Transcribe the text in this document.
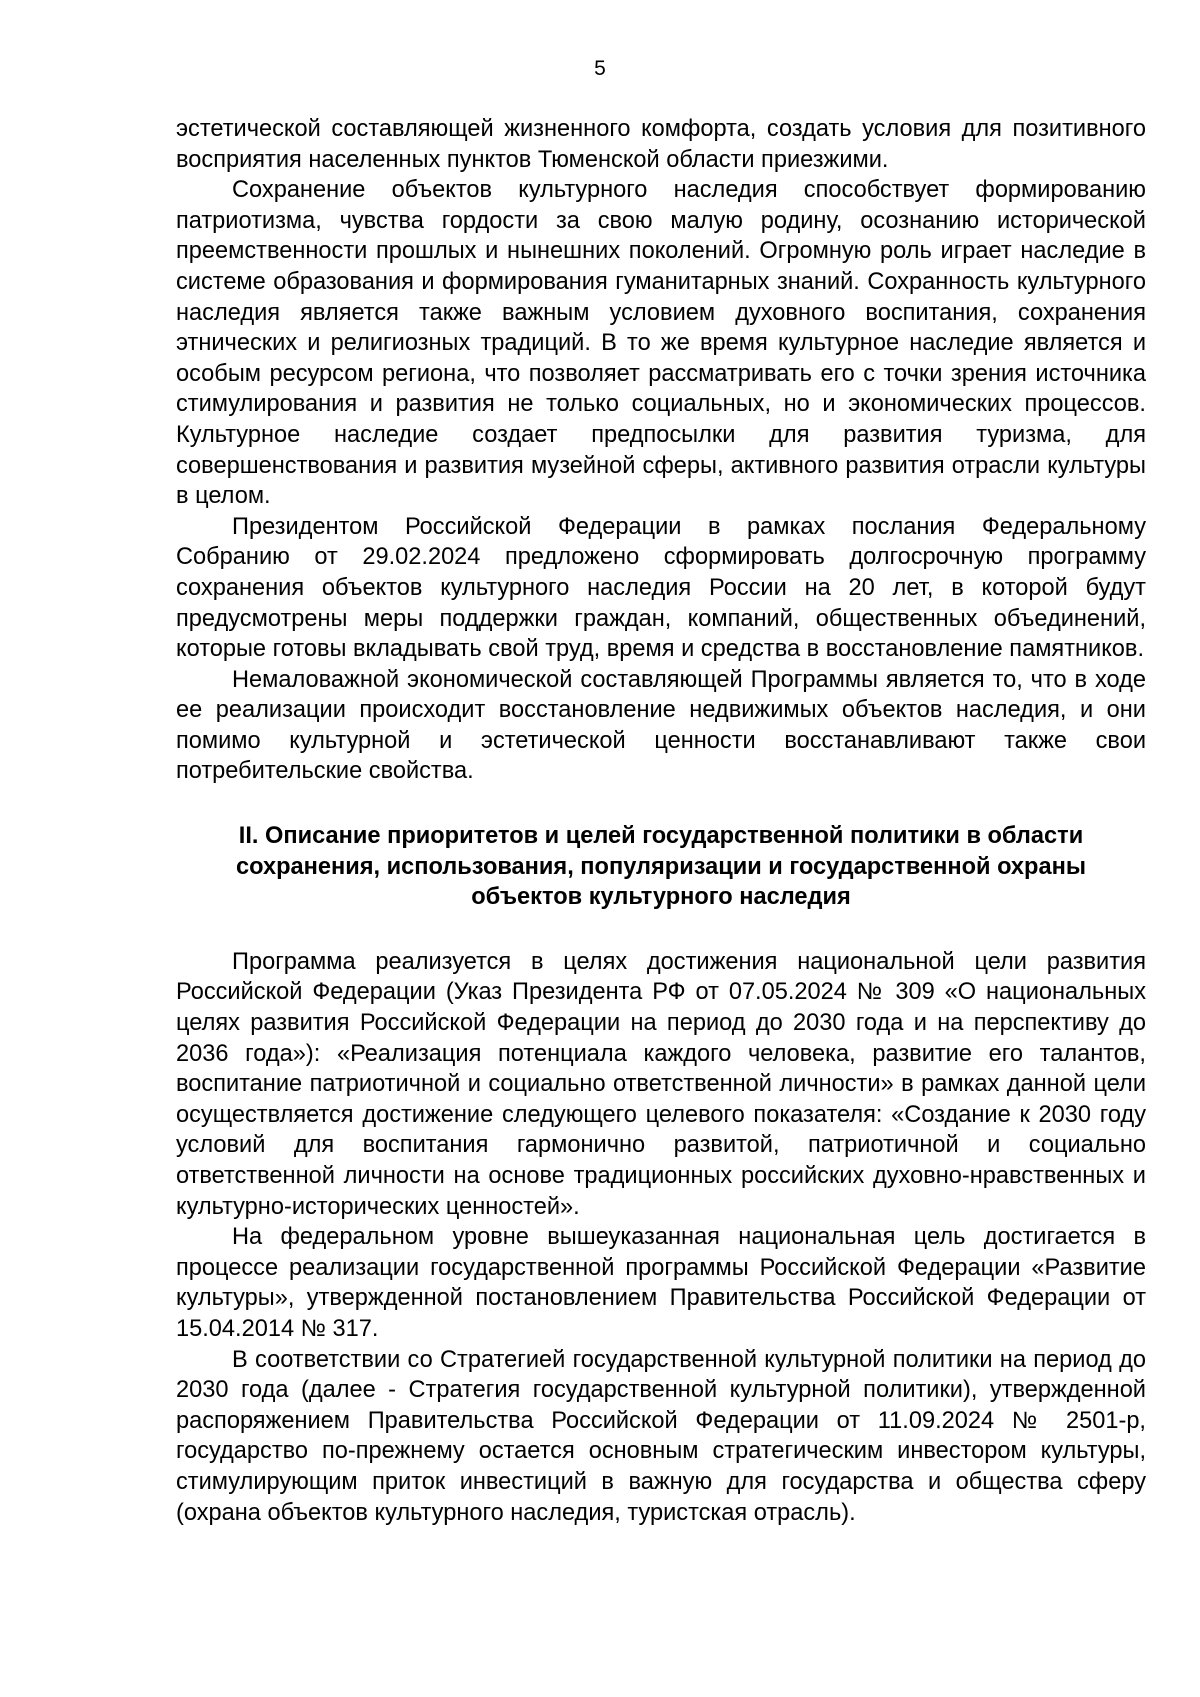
5

эстетической составляющей жизненного комфорта, создать условия для позитивного восприятия населенных пунктов Тюменской области приезжими.

Сохранение объектов культурного наследия способствует формированию патриотизма, чувства гордости за свою малую родину, осознанию исторической преемственности прошлых и нынешних поколений. Огромную роль играет наследие в системе образования и формирования гуманитарных знаний. Сохранность культурного наследия является также важным условием духовного воспитания, сохранения этнических и религиозных традиций. В то же время культурное наследие является и особым ресурсом региона, что позволяет рассматривать его с точки зрения источника стимулирования и развития не только социальных, но и экономических процессов. Культурное наследие создает предпосылки для развития туризма, для совершенствования и развития музейной сферы, активного развития отрасли культуры в целом.

Президентом Российской Федерации в рамках послания Федеральному Собранию от 29.02.2024 предложено сформировать долгосрочную программу сохранения объектов культурного наследия России на 20 лет, в которой будут предусмотрены меры поддержки граждан, компаний, общественных объединений, которые готовы вкладывать свой труд, время и средства в восстановление памятников.

Немаловажной экономической составляющей Программы является то, что в ходе ее реализации происходит восстановление недвижимых объектов наследия, и они помимо культурной и эстетической ценности восстанавливают также свои потребительские свойства.

II. Описание приоритетов и целей государственной политики в области сохранения, использования, популяризации и государственной охраны объектов культурного наследия

Программа реализуется в целях достижения национальной цели развития Российской Федерации (Указ Президента РФ от 07.05.2024 № 309 «О национальных целях развития Российской Федерации на период до 2030 года и на перспективу до 2036 года»): «Реализация потенциала каждого человека, развитие его талантов, воспитание патриотичной и социально ответственной личности» в рамках данной цели осуществляется достижение следующего целевого показателя: «Создание к 2030 году условий для воспитания гармонично развитой, патриотичной и социально ответственной личности на основе традиционных российских духовно-нравственных и культурно-исторических ценностей».

На федеральном уровне вышеуказанная национальная цель достигается в процессе реализации государственной программы Российской Федерации «Развитие культуры», утвержденной постановлением Правительства Российской Федерации от 15.04.2014 № 317.

В соответствии со Стратегией государственной культурной политики на период до 2030 года (далее - Стратегия государственной культурной политики), утвержденной распоряжением Правительства Российской Федерации от 11.09.2024 № 2501-р, государство по-прежнему остается основным стратегическим инвестором культуры, стимулирующим приток инвестиций в важную для государства и общества сферу (охрана объектов культурного наследия, туристская отрасль).
